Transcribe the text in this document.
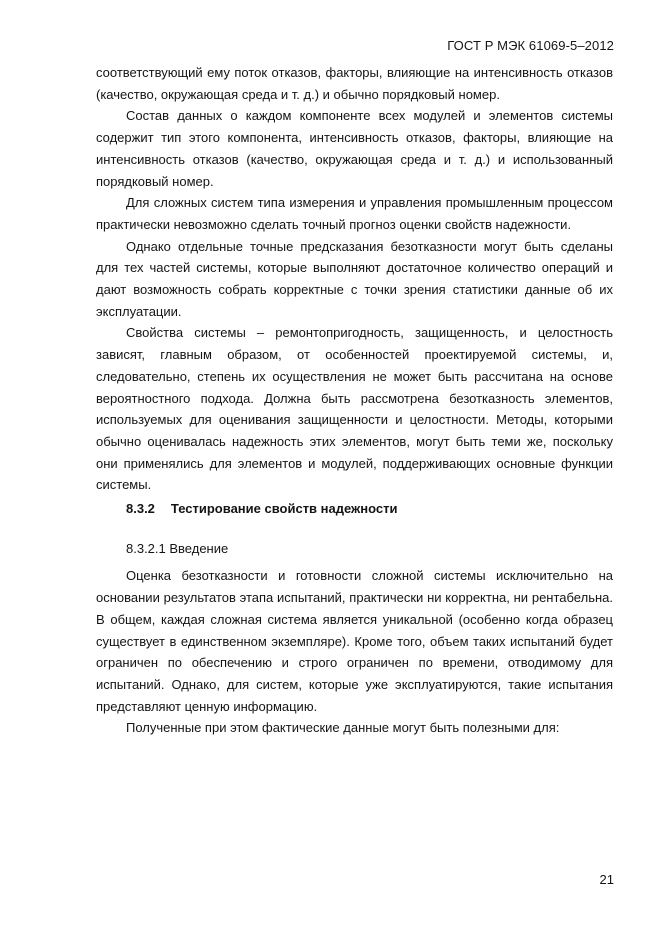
ГОСТ Р МЭК 61069-5–2012

соответствующий ему поток отказов, факторы, влияющие на интенсивность отказов (качество, окружающая среда и т. д.) и обычно порядковый номер.

Состав данных о каждом компоненте всех модулей и элементов системы содержит тип этого компонента, интенсивность отказов, факторы, влияющие на интенсивность отказов (качество, окружающая среда и т. д.) и использованный порядковый номер.

Для сложных систем типа измерения и управления промышленным процессом практически невозможно сделать точный прогноз оценки свойств надежности.

Однако отдельные точные предсказания безотказности могут быть сделаны для тех частей системы, которые выполняют достаточное количество операций и дают возможность собрать корректные с точки зрения статистики данные об их эксплуатации.

Свойства системы – ремонтопригодность, защищенность, и целостность зависят, главным образом, от особенностей проектируемой системы, и, следовательно, степень их осуществления не может быть рассчитана на основе вероятностного подхода. Должна быть рассмотрена безотказность элементов, используемых для оценивания защищенности и целостности. Методы, которыми обычно оценивалась надежность этих элементов, могут быть теми же, поскольку они применялись для элементов и модулей, поддерживающих основные функции системы.

8.3.2 Тестирование свойств надежности

8.3.2.1 Введение

Оценка безотказности и готовности сложной системы исключительно на основании результатов этапа испытаний, практически ни корректна, ни рентабельна. В общем, каждая сложная система является уникальной (особенно когда образец существует в единственном экземпляре). Кроме того, объем таких испытаний будет ограничен по обеспечению и строго ограничен по времени, отводимому для испытаний. Однако, для систем, которые уже эксплуатируются, такие испытания представляют ценную информацию.

Полученные при этом фактические данные могут быть полезными для:

21
